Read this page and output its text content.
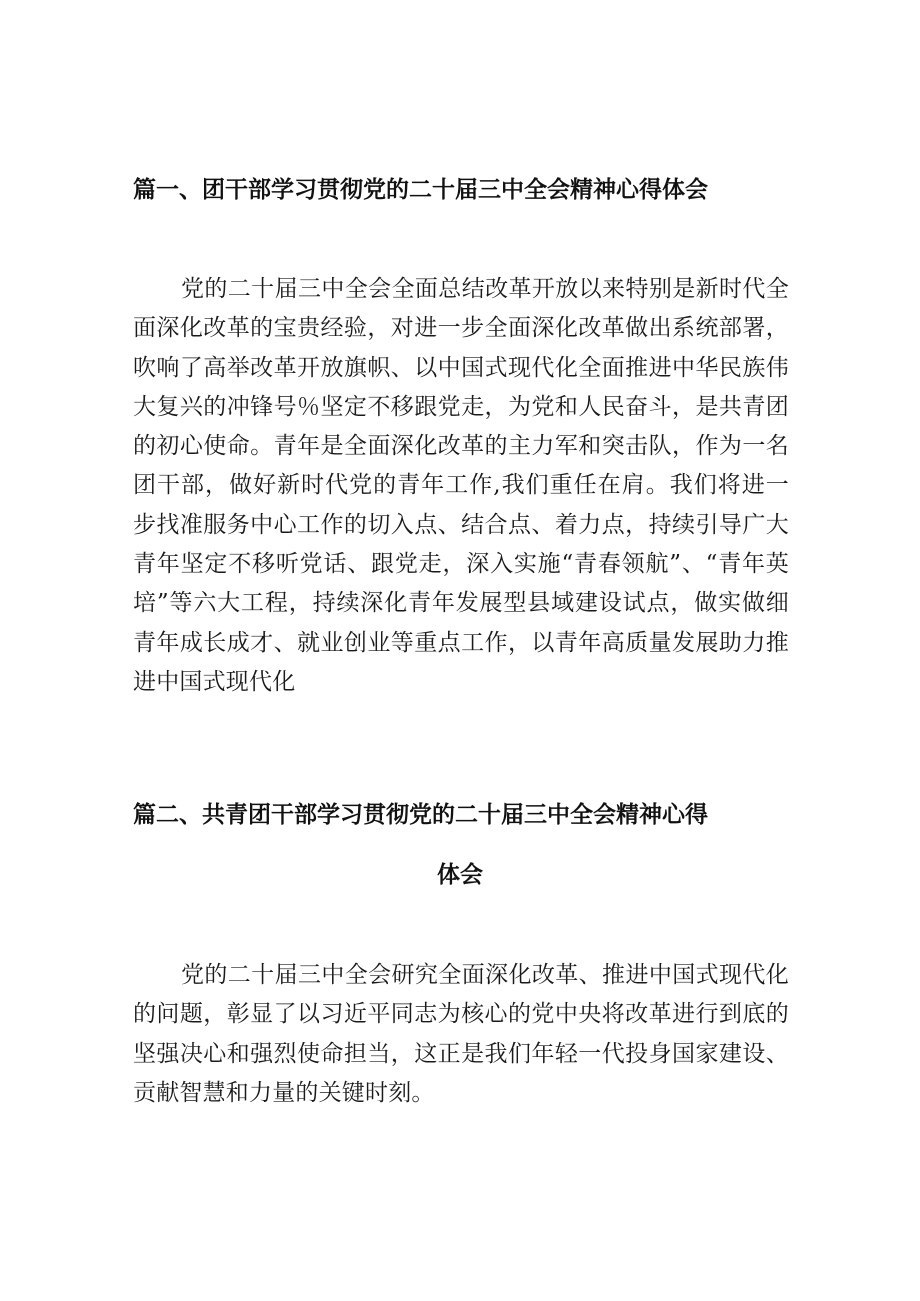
篇一、团干部学习贯彻党的二十届三中全会精神心得体会

党的二十届三中全会全面总结改革开放以来特别是新时代全面深化改革的宝贵经验，对进一步全面深化改革做出系统部署，吹响了高举改革开放旗帜、以中国式现代化全面推进中华民族伟大复兴的冲锋号％坚定不移跟党走，为党和人民奋斗，是共青团的初心使命。青年是全面深化改革的主力军和突击队，作为一名团干部，做好新时代党的青年工作,我们重任在肩。我们将进一步找准服务中心工作的切入点、结合点、着力点，持续引导广大青年坚定不移听党话、跟党走，深入实施“青春领航”、“青年英培”等六大工程，持续深化青年发展型县域建设试点，做实做细青年成长成才、就业创业等重点工作，以青年高质量发展助力推进中国式现代化

篇二、共青团干部学习贯彻党的二十届三中全会精神心得
体会

党的二十届三中全会研究全面深化改革、推进中国式现代化的问题，彰显了以习近平同志为核心的党中央将改革进行到底的坚强决心和强烈使命担当，这正是我们年轻一代投身国家建设、贡献智慧和力量的关键时刻。
